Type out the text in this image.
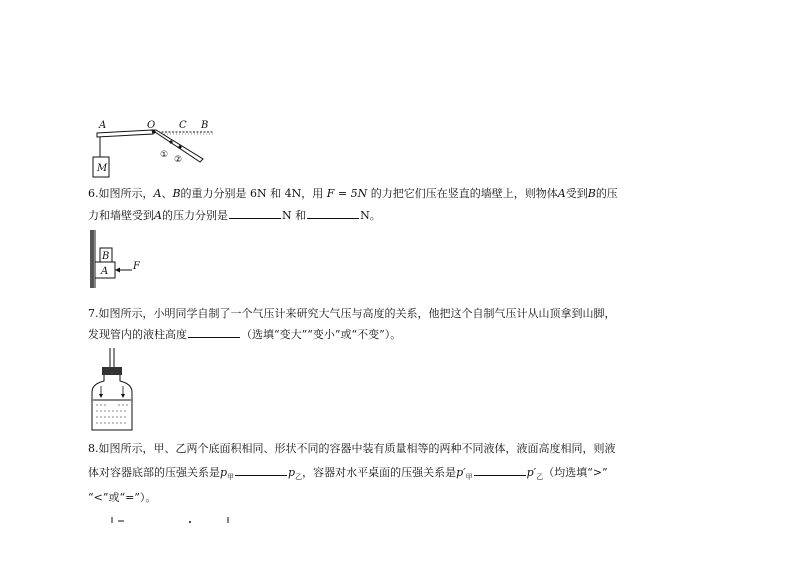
A	O C B
M
① ②
6.如图所示，A、B的重力分别是 6N 和 4N，用 F = 5N 的力把它们压在竖直的墙壁上，则物体A受到B的压
力和墙壁受到A的压力分别是	N 和	N。
B
A F
7.如图所示，小明同学自制了一个气压计来研究大气压与高度的关系，他把这个自制气压计从山顶拿到山脚，
发现管内的液柱高度	（选填“变大”“变小”或“不变”）。
8.如图所示，甲、乙两个底面积相同、形状不同的容器中装有质量相等的两种不同液体，液面高度相同，则液
体对容器底部的压强关系是$p_甲$	$p_乙$，容器对水平桌面的压强关系是$p'_甲$	$p'_乙$（均选填“>”
“<”或“=”）。
